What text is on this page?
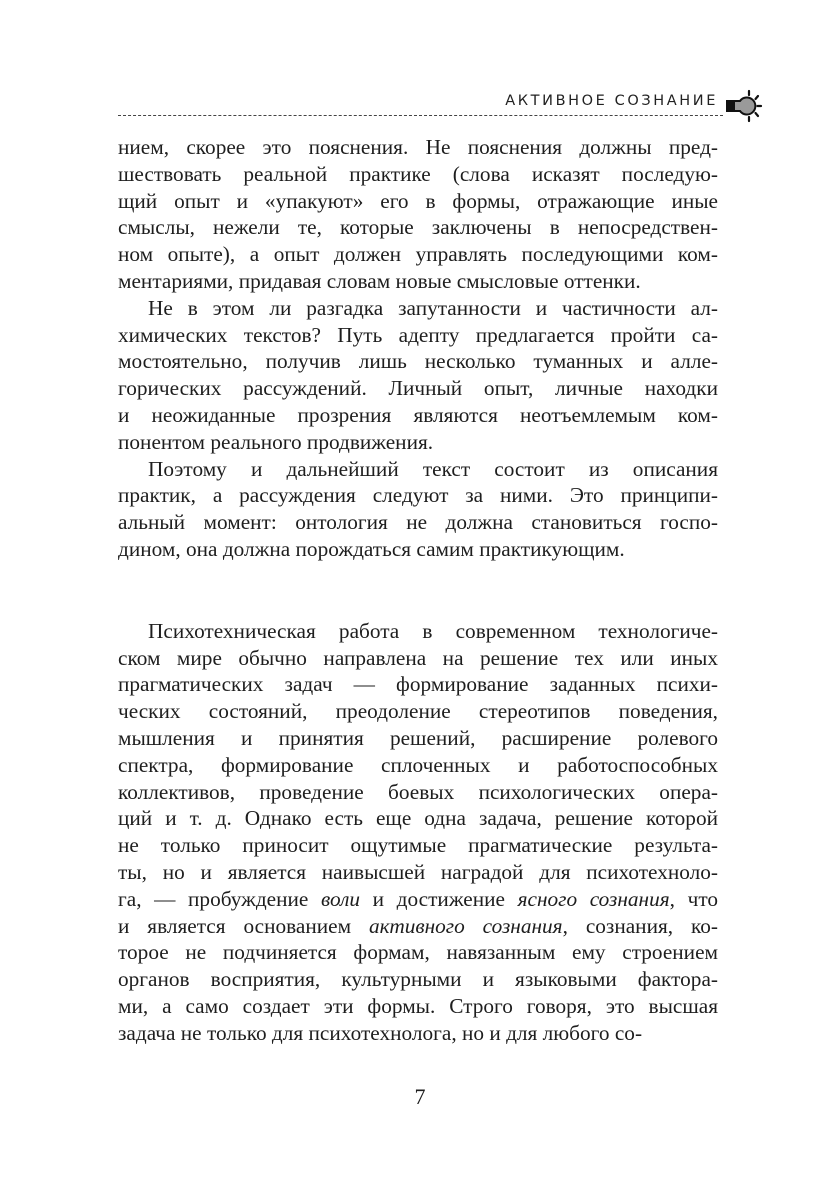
АКТИВНОЕ СОЗНАНИЕ
нием, скорее это пояснения. Не пояснения должны пред-
шествовать реальной практике (слова исказят последую-
щий опыт и «упакуют» его в формы, отражающие иные
смыслы, нежели те, которые заключены в непосредствен-
ном опыте), а опыт должен управлять последующими ком-
ментариями, придавая словам новые смысловые оттенки.
Не в этом ли разгадка запутанности и частичности ал-
химических текстов? Путь адепту предлагается пройти са-
мостоятельно, получив лишь несколько туманных и алле-
горических рассуждений. Личный опыт, личные находки
и неожиданные прозрения являются неотъемлемым ком-
понентом реального продвижения.
Поэтому и дальнейший текст состоит из описания
практик, а рассуждения следуют за ними. Это принципи-
альный момент: онтология не должна становиться госпо-
дином, она должна порождаться самим практикующим.
Психотехническая работа в современном технологиче-
ском мире обычно направлена на решение тех или иных
прагматических задач — формирование заданных психи-
ческих состояний, преодоление стереотипов поведения,
мышления и принятия решений, расширение ролевого
спектра, формирование сплоченных и работоспособных
коллективов, проведение боевых психологических опера-
ций и т. д. Однако есть еще одна задача, решение которой
не только приносит ощутимые прагматические результа-
ты, но и является наивысшей наградой для психотехноло-
га, — пробуждение воли и достижение ясного сознания, что
и является основанием активного сознания, сознания, ко-
торое не подчиняется формам, навязанным ему строением
органов восприятия, культурными и языковыми фактора-
ми, а само создает эти формы. Строго говоря, это высшая
задача не только для психотехнолога, но и для любого со-
7
